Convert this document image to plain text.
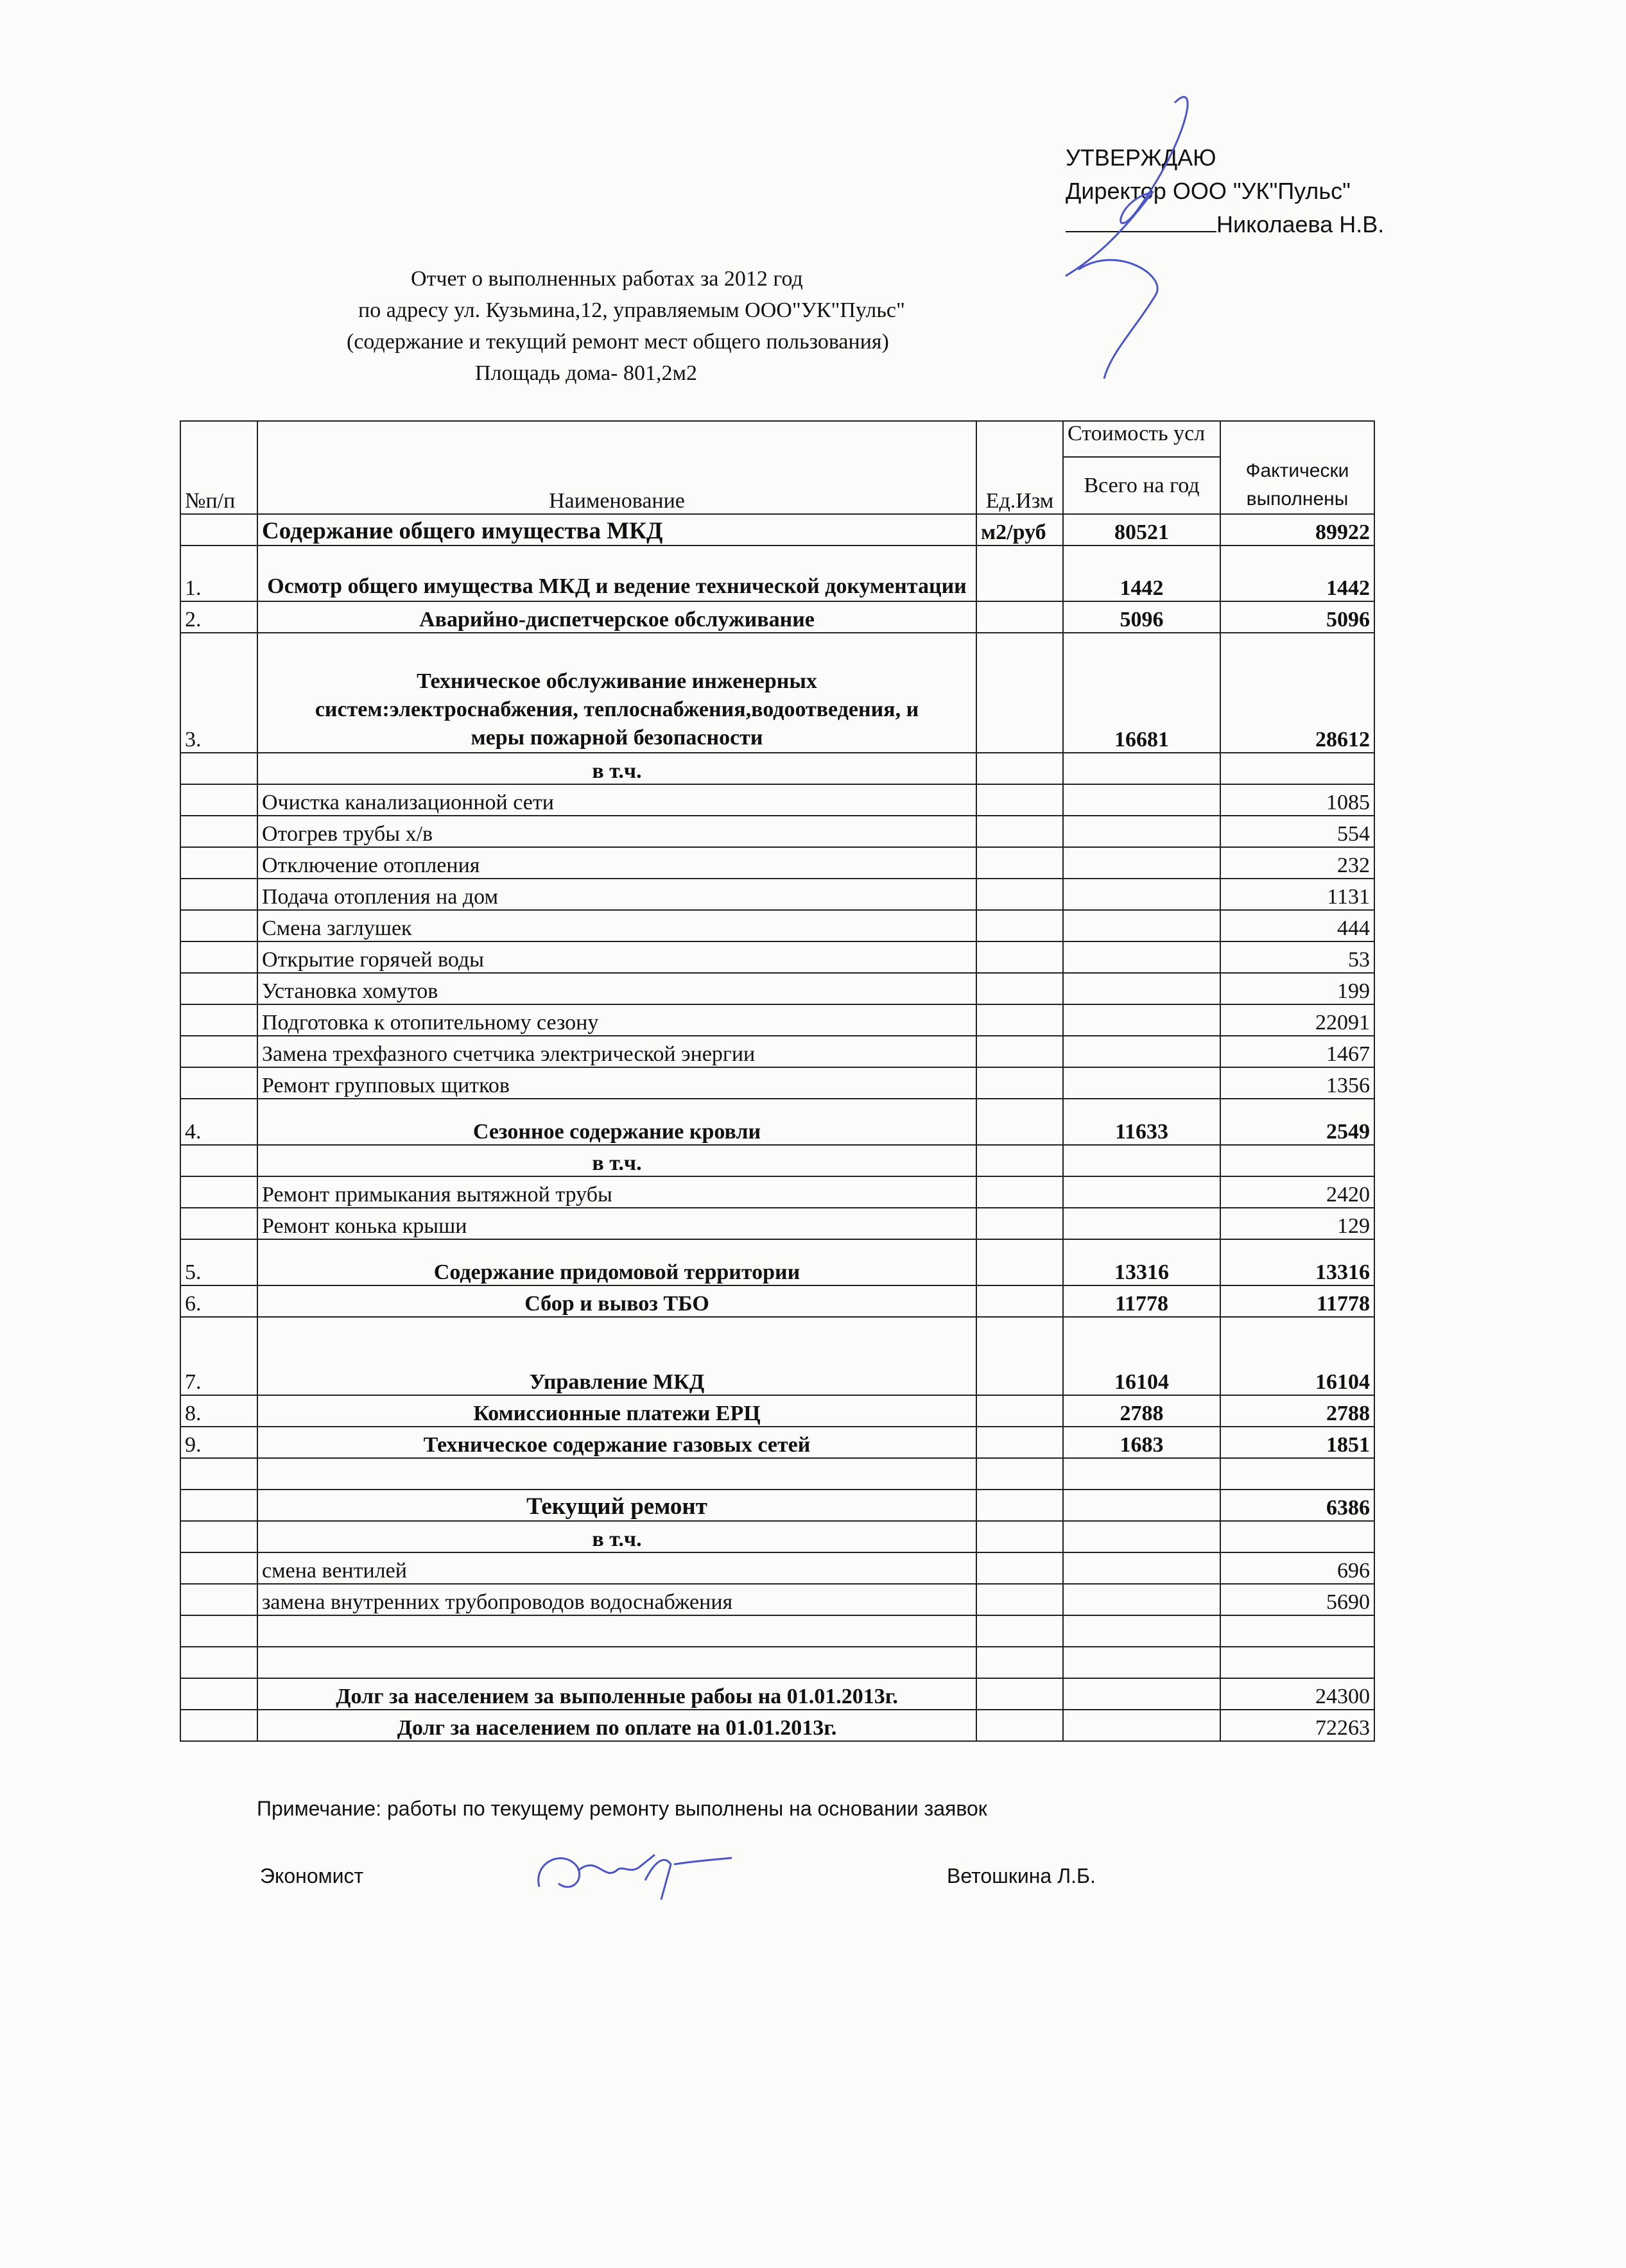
УТВЕРЖДАЮ
Директор ООО "УК"Пульс"
Николаева Н.В.
Отчет о выполненных работах за 2012 год
по адресу ул. Кузьмина,12, управляемым ООО"УК"Пульс"
(содержание и текущий ремонт мест общего пользования)
Площадь дома- 801,2м2
№п/п	Наименование	Ед.Изм	Стоимость усл	
			Всего на год	Фактически выполнены
	Содержание общего имущества МКД	м2/руб	80521	89922
1.	Осмотр общего имущества МКД и ведение технической документации		1442	1442
2.	Аварийно-диспетчерское обслуживание		5096	5096
3.	Техническое обслуживание инженерных систем:электроснабжения, теплоснабжения,водоотведения, и меры пожарной безопасности		16681	28612
	в т.ч.			
	Очистка канализационной сети			1085
	Отогрев трубы х/в			554
	Отключение отопления			232
	Подача отопления на дом			1131
	Смена заглушек			444
	Открытие горячей воды			53
	Установка хомутов			199
	Подготовка к отопительному сезону			22091
	Замена трехфазного счетчика электрической энергии			1467
	Ремонт групповых щитков			1356
4.	Сезонное содержание кровли		11633	2549
	в т.ч.			
	Ремонт примыкания вытяжной трубы			2420
	Ремонт конька крыши			129
5.	Содержание придомовой территории		13316	13316
6.	Сбор и вывоз ТБО		11778	11778
7.	Управление МКД		16104	16104
8.	Комиссионные платежи ЕРЦ		2788	2788
9.	Техническое содержание газовых сетей		1683	1851

	Текущий ремонт			6386
	в т.ч.			
	смена вентилей			696
	замена внутренних трубопроводов водоснабжения			5690

	Долг за населением за выполенные рабоы на 01.01.2013г.			24300
	Долг за населением по оплате на 01.01.2013г.			72263
Примечание: работы по текущему ремонту выполнены на основании заявок
Экономист	Ветошкина Л.Б.
